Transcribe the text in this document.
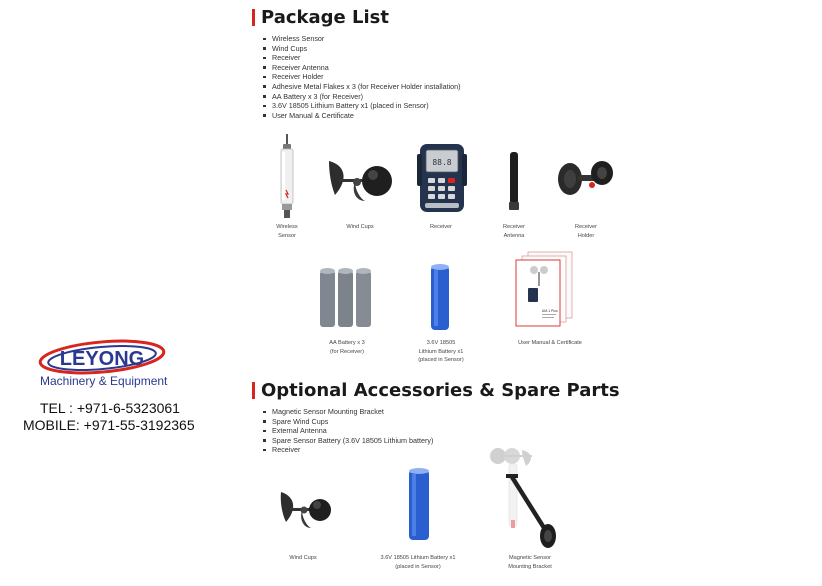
Package List
Wireless Sensor
Wind Cups
Receiver
Receiver Antenna
Receiver Holder
Adhesive Metal Flakes x 3 (for Receiver Holder installation)
AA Battery x 3 (for Receiver)
3.6V 18505 Lithium Battery x1 (placed in Sensor)
User Manual & Certificate
Wireless
Sensor
Wind Cups
88.8
Receiver	Receiver
Antenna
Receiver
Holder
AA Battery x 3
(for Receiver)
3.6V 18505
Lithium Battery x1
(placed in Sensor)
AM-1 Plus
User Manual & Certificate
LEYONG
Machinery & Equipment
TEL : +971-6-5323061
MOBILE: +971-55-3192365
Optional Accessories & Spare Parts
Magnetic Sensor Mounting Bracket
Spare Wind Cups
External Antenna
Spare Sensor Battery (3.6V 18505 Lithium battery)
Receiver
Wind Cups	3.6V 18505 Lithium Battery x1
(placed in Sensor)
Magnetic Sensor
Mounting Bracket
